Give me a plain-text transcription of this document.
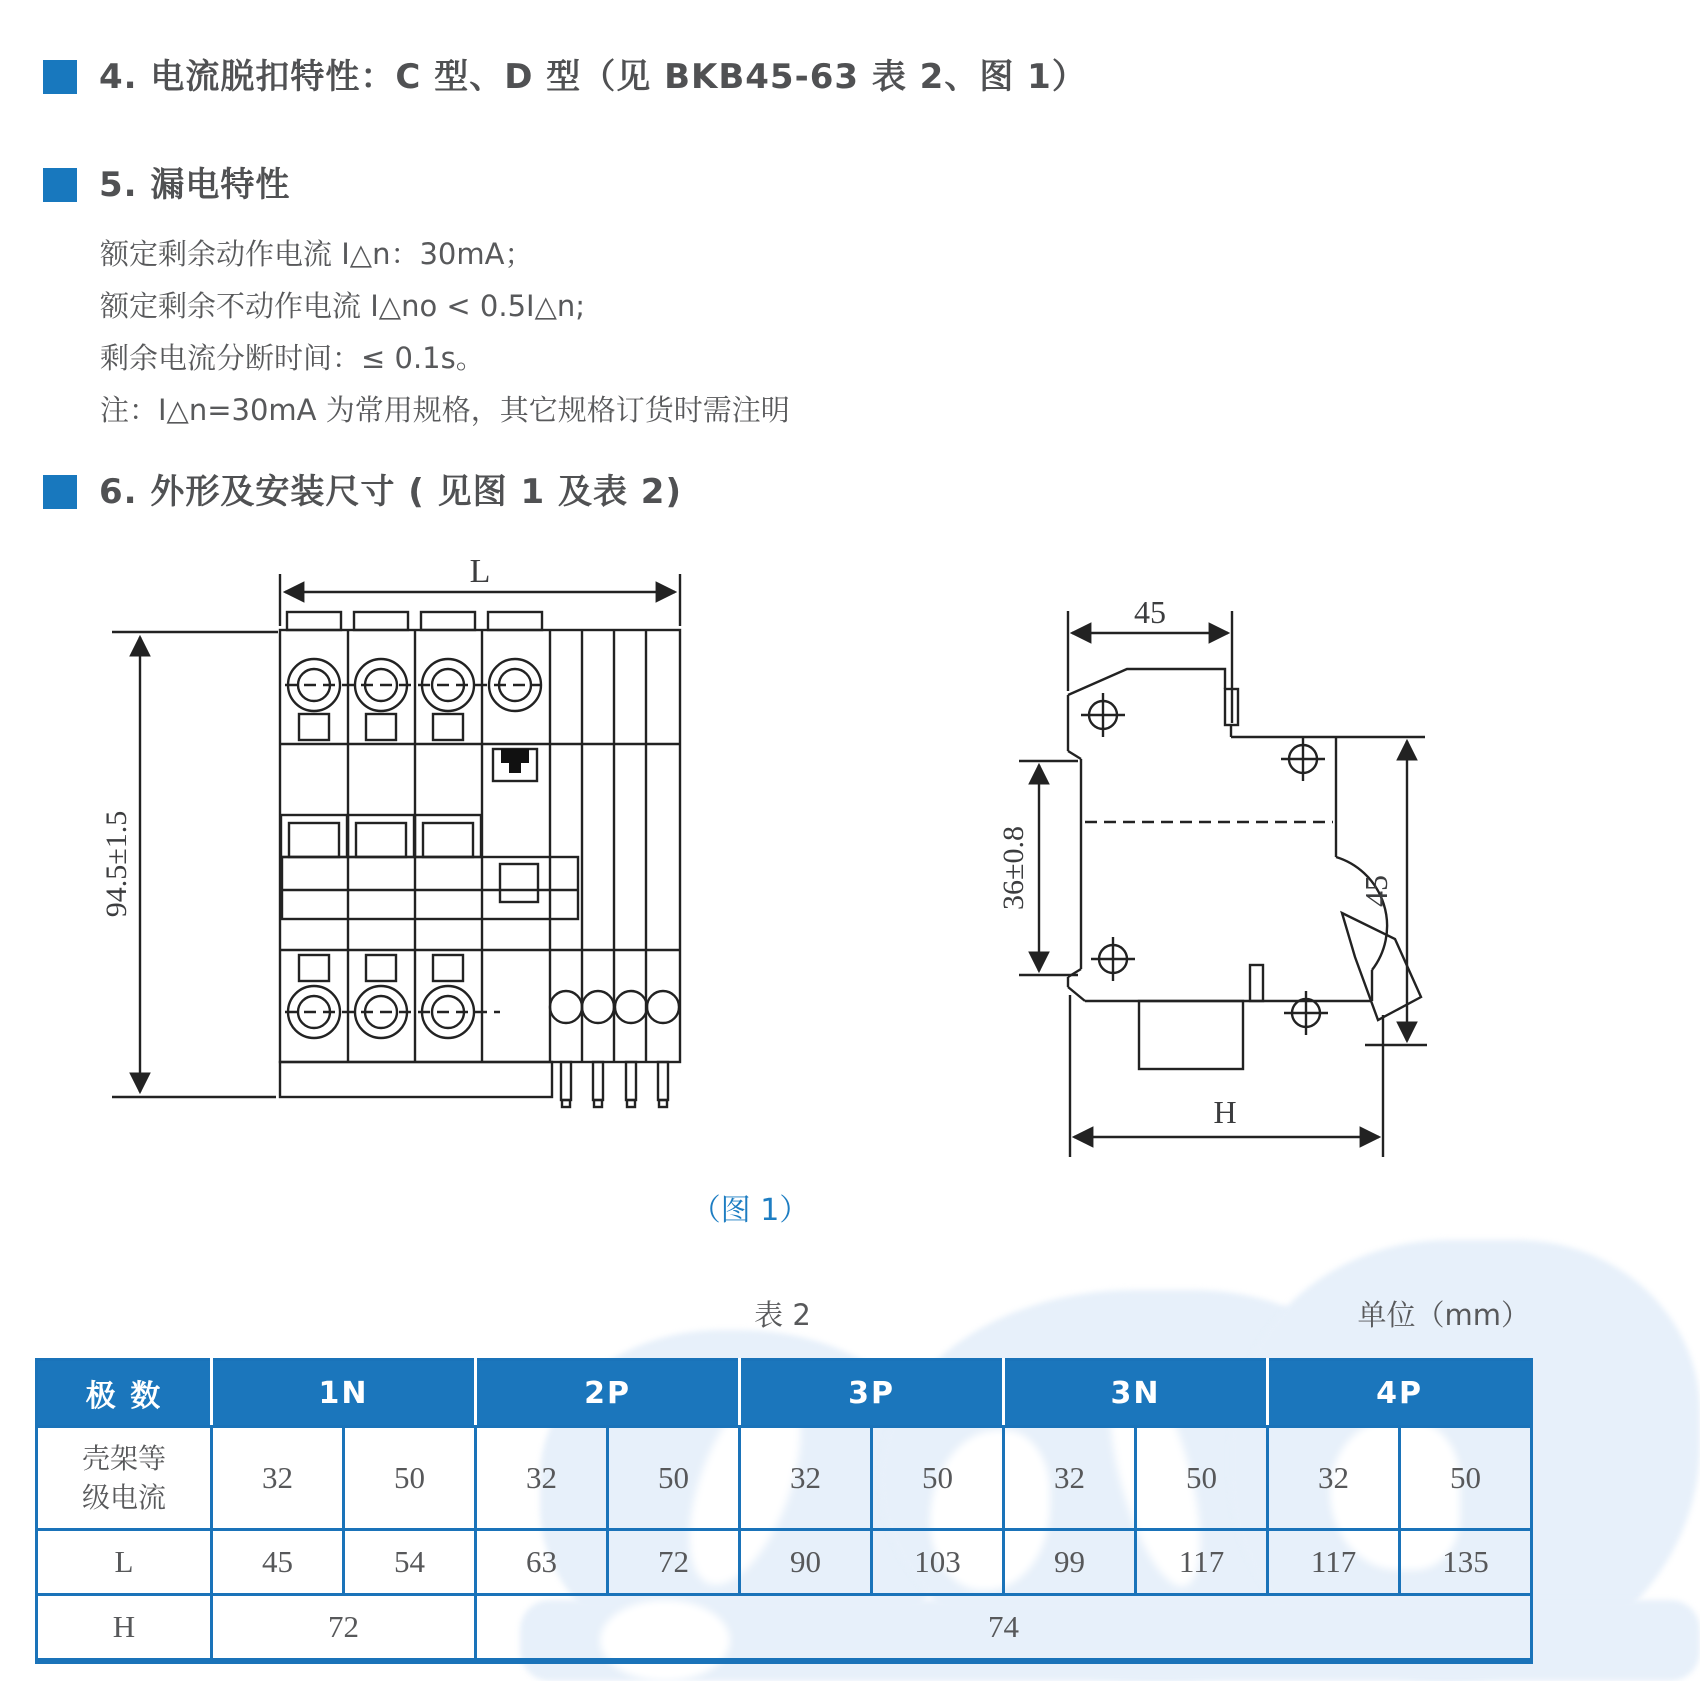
4. 电流脱扣特性：C 型、D 型（见 BKB45-63 表 2、图 1）
5. 漏电特性
额定剩余动作电流 I△n：30mA；
额定剩余不动作电流 I△no < 0.5I△n;
剩余电流分断时间：≤ 0.1s。
注：I△n=30mA 为常用规格，其它规格订货时需注明
6. 外形及安装尺寸 ( 见图 1 及表 2)
L
94.5±1.5
45
36±0.8	45
H
（图 1）
表 2	单位（mm）
极 数	1N		2P		3P		3N		4P	

壳架等
级电流	32	50	32	50	32	50	32	50	32	50
L	45	54	63	72	90	103	99	117	117	135
H	72		74							
